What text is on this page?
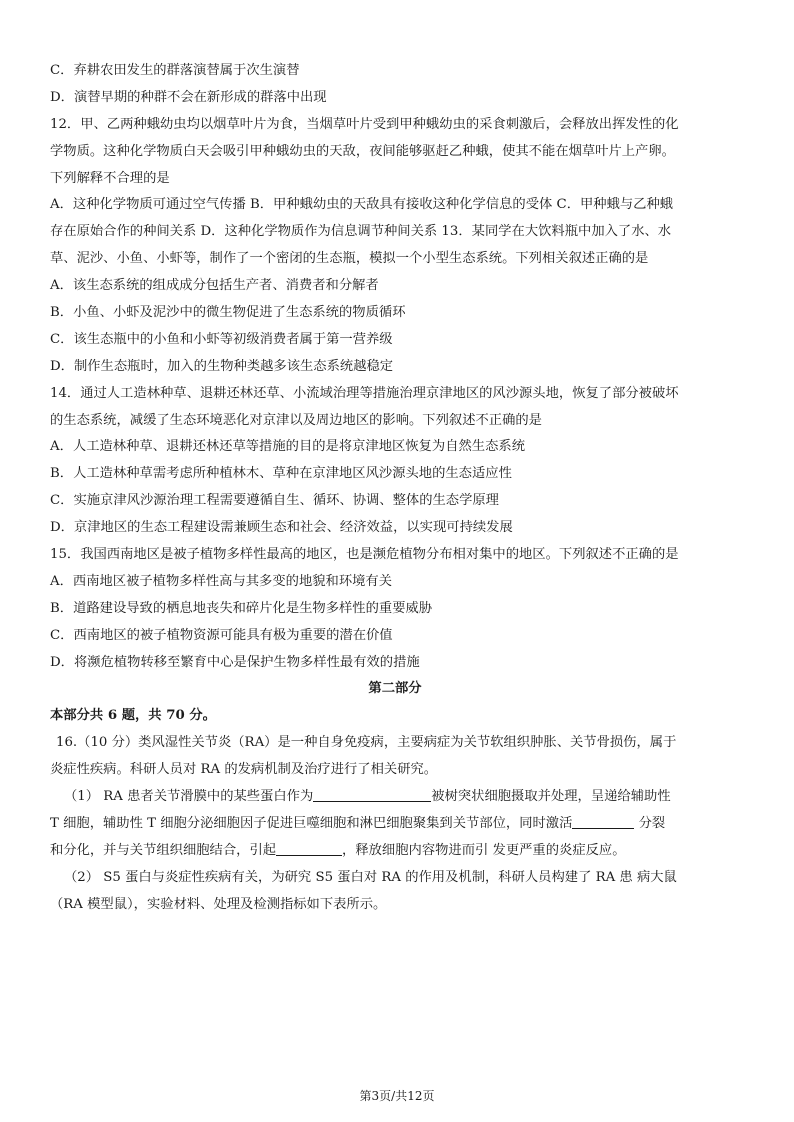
C．弃耕农田发生的群落演替属于次生演替
D．演替早期的种群不会在新形成的群落中出现
12．甲、乙两种蛾幼虫均以烟草叶片为食，当烟草叶片受到甲种蛾幼虫的采食刺激后，会释放出挥发性的化
学物质。这种化学物质白天会吸引甲种蛾幼虫的天敌，夜间能够驱赶乙种蛾，使其不能在烟草叶片上产卵。
下列解释不合理的是
A．这种化学物质可通过空气传播 B．甲种蛾幼虫的天敌具有接收这种化学信息的受体 C．甲种蛾与乙种蛾
存在原始合作的种间关系 D．这种化学物质作为信息调节种间关系 13．某同学在大饮料瓶中加入了水、水
草、泥沙、小鱼、小虾等，制作了一个密闭的生态瓶，模拟一个小型生态系统。下列相关叙述正确的是
A．该生态系统的组成成分包括生产者、消费者和分解者
B．小鱼、小虾及泥沙中的微生物促进了生态系统的物质循环
C．该生态瓶中的小鱼和小虾等初级消费者属于第一营养级
D．制作生态瓶时，加入的生物种类越多该生态系统越稳定
14．通过人工造林种草、退耕还林还草、小流域治理等措施治理京津地区的风沙源头地，恢复了部分被破坏
的生态系统，减缓了生态环境恶化对京津以及周边地区的影响。下列叙述不正确的是
A．人工造林种草、退耕还林还草等措施的目的是将京津地区恢复为自然生态系统
B．人工造林种草需考虑所种植林木、草种在京津地区风沙源头地的生态适应性
C．实施京津风沙源治理工程需要遵循自生、循环、协调、整体的生态学原理
D．京津地区的生态工程建设需兼顾生态和社会、经济效益，以实现可持续发展
15．我国西南地区是被子植物多样性最高的地区，也是濒危植物分布相对集中的地区。下列叙述不正确的是
A．西南地区被子植物多样性高与其多变的地貌和环境有关
B．道路建设导致的栖息地丧失和碎片化是生物多样性的重要威胁
C．西南地区的被子植物资源可能具有极为重要的潜在价值
D．将濒危植物转移至繁育中心是保护生物多样性最有效的措施
第二部分
本部分共 6 题，共 70 分。
16.（10 分）类风湿性关节炎（RA）是一种自身免疫病，主要病症为关节软组织肿胀、关节骨损伤，属于
炎症性疾病。科研人员对 RA 的发病机制及治疗进行了相关研究。
（1） RA 患者关节滑膜中的某些蛋白作为	被树突状细胞摄取并处理，呈递给辅助性
T 细胞，辅助性 T 细胞分泌细胞因子促进巨噬细胞和淋巴细胞聚集到关节部位，同时激活	分裂
和分化，并与关节组织细胞结合，引起	，释放细胞内容物进而引 发更严重的炎症反应。
（2） S5 蛋白与炎症性疾病有关，为研究 S5 蛋白对 RA 的作用及机制，科研人员构建了 RA 患 病大鼠
（RA 模型鼠），实验材料、处理及检测指标如下表所示。
第3页/共12页
